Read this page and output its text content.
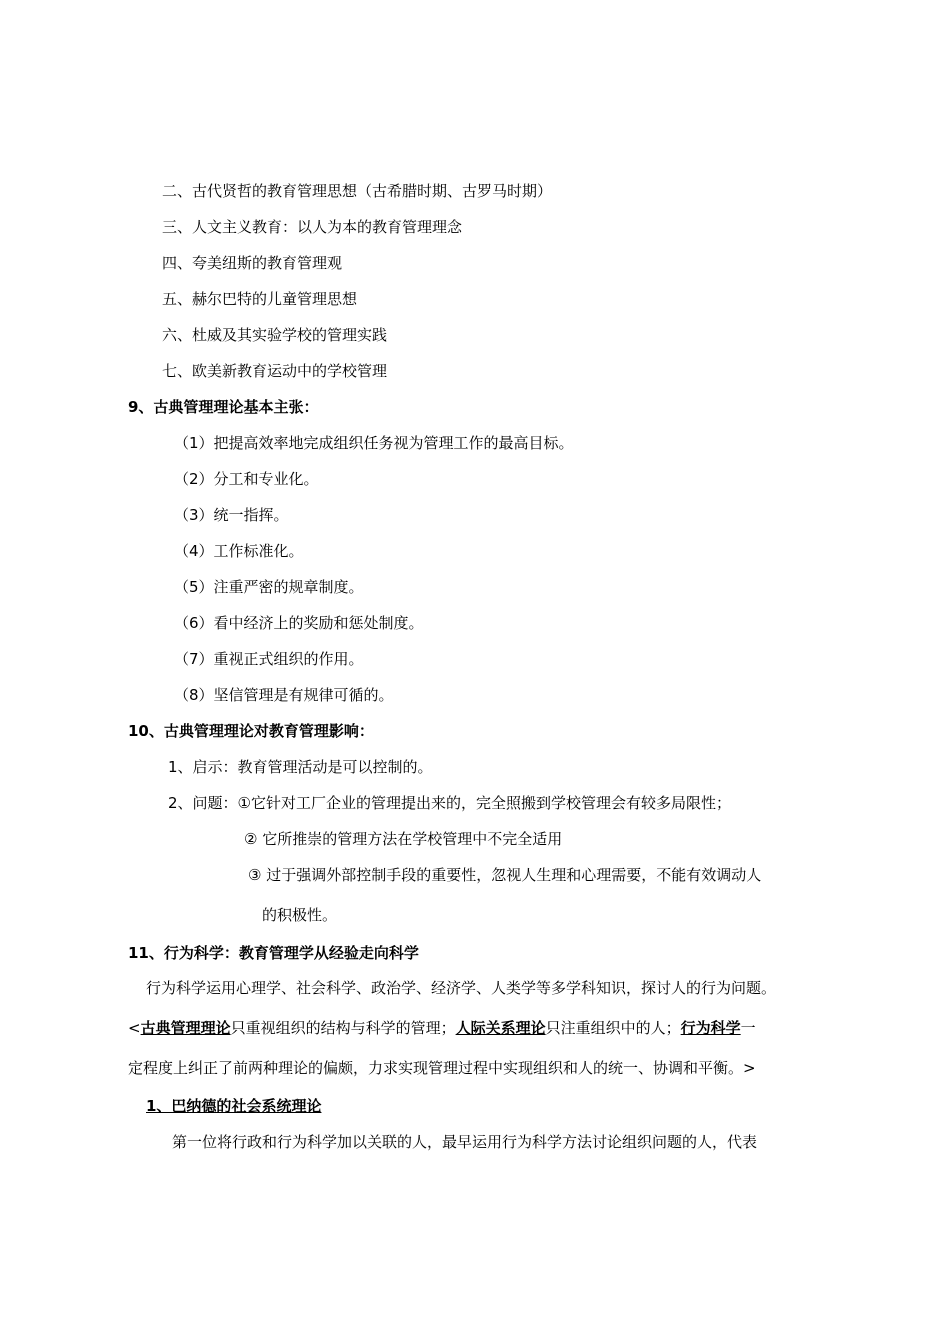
二、古代贤哲的教育管理思想（古希腊时期、古罗马时期）
三、人文主义教育：以人为本的教育管理理念
四、夸美纽斯的教育管理观
五、赫尔巴特的儿童管理思想
六、杜威及其实验学校的管理实践
七、欧美新教育运动中的学校管理
9、古典管理理论基本主张：
（1）把提高效率地完成组织任务视为管理工作的最高目标。
（2）分工和专业化。
（3）统一指挥。
（4）工作标准化。
（5）注重严密的规章制度。
（6）看中经济上的奖励和惩处制度。
（7）重视正式组织的作用。
（8）坚信管理是有规律可循的。
10、古典管理理论对教育管理影响：
1、启示：教育管理活动是可以控制的。
2、问题：①它针对工厂企业的管理提出来的，完全照搬到学校管理会有较多局限性；
② 它所推崇的管理方法在学校管理中不完全适用
③ 过于强调外部控制手段的重要性，忽视人生理和心理需要，不能有效调动人
的积极性。
11、行为科学：教育管理学从经验走向科学
行为科学运用心理学、社会科学、政治学、经济学、人类学等多学科知识，探讨人的行为问题。
<古典管理理论只重视组织的结构与科学的管理；人际关系理论只注重组织中的人；行为科学一
定程度上纠正了前两种理论的偏颇，力求实现管理过程中实现组织和人的统一、协调和平衡。>
1、巴纳德的社会系统理论
第一位将行政和行为科学加以关联的人，最早运用行为科学方法讨论组织问题的人，代表
